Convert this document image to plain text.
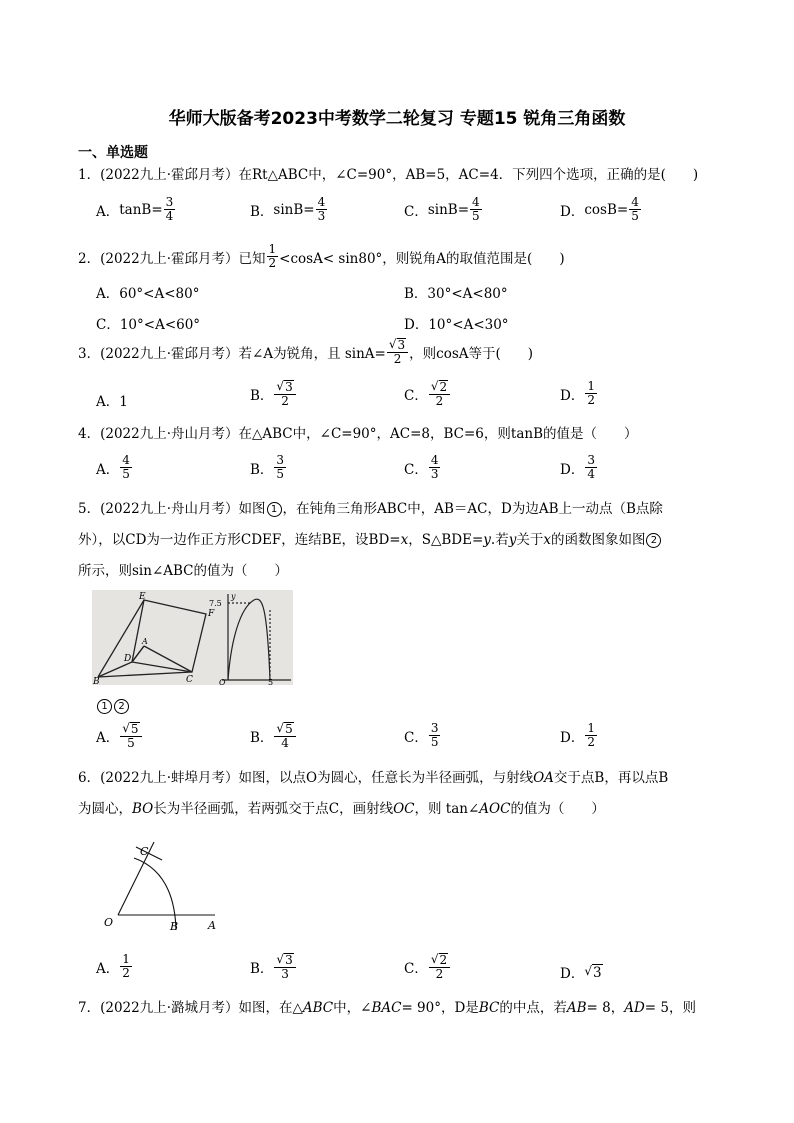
华师大版备考2023中考数学二轮复习 专题15 锐角三角函数
一、单选题
1．(2022九上·霍邱月考）在Rt△ABC中，∠C=90°，AB=5，AC=4．下列四个选项，正确的是(　　)
A． $\tan B= \frac{3}{4}$	B． $\sin B= \frac{4}{3}$	C． $\sin B= \frac{4}{5}$	D． $\cos B= \frac{4}{5}$
2．(2022九上·霍邱月考）已知 $\frac{1}{2} <\cos A< \sin 80^\circ$，则锐角A的取值范围是(　　)
A．60°<A<80°	B．30°<A<80°
C．10°<A<60°	D．10°<A<30°
3．(2022九上·霍邱月考）若∠A为锐角，且 $\sin A= \frac{√ 3}{2}$ ，则cosA等于(　　)
A．1	B． $\frac{√ 3}{2}$	C． $\frac{√ 2}{2}$	D． $\frac{1}{2}$
4．(2022九上·舟山月考）在△ABC中，∠C=90°，AC=8，BC=6，则tanB的值是（　　）
A． $\frac{4}{5}$	B． $\frac{3}{5}$	C． $\frac{4}{3}$	D． $\frac{3}{4}$
5．(2022九上·舟山月考）如图 1 ，在钝角三角形ABC中，AB＝AC，D为边AB上一动点（B点除
外），以CD为一边作正方形CDEF，连结BE，设BD=x，S△BDE=y.若y关于x的函数图象如图 2
所示，则sin∠ABC的值为（　　）
E
F
A
D
B	C
y
7.5
O	5
1 2
A． $\frac{√ 5}{5}$	B． $\frac{√ 5}{4}$	C． $\frac{3}{5}$	D． $\frac{1}{2}$
6．(2022九上·蚌埠月考）如图，以点O为圆心，任意长为半径画弧，与射线OA交于点B，再以点B
为圆心，BO长为半径画弧，若两弧交于点C，画射线OC，则 tan∠AOC的值为（　　）
C
O	B	A
A． $\frac{1}{2}$	B． $\frac{√ 3}{3}$	C． $\frac{√ 2}{2}$	D． √ 3
7．(2022九上·潞城月考）如图，在△ABC中，∠BAC= 90°，D是BC的中点，若AB= 8，AD= 5，则
